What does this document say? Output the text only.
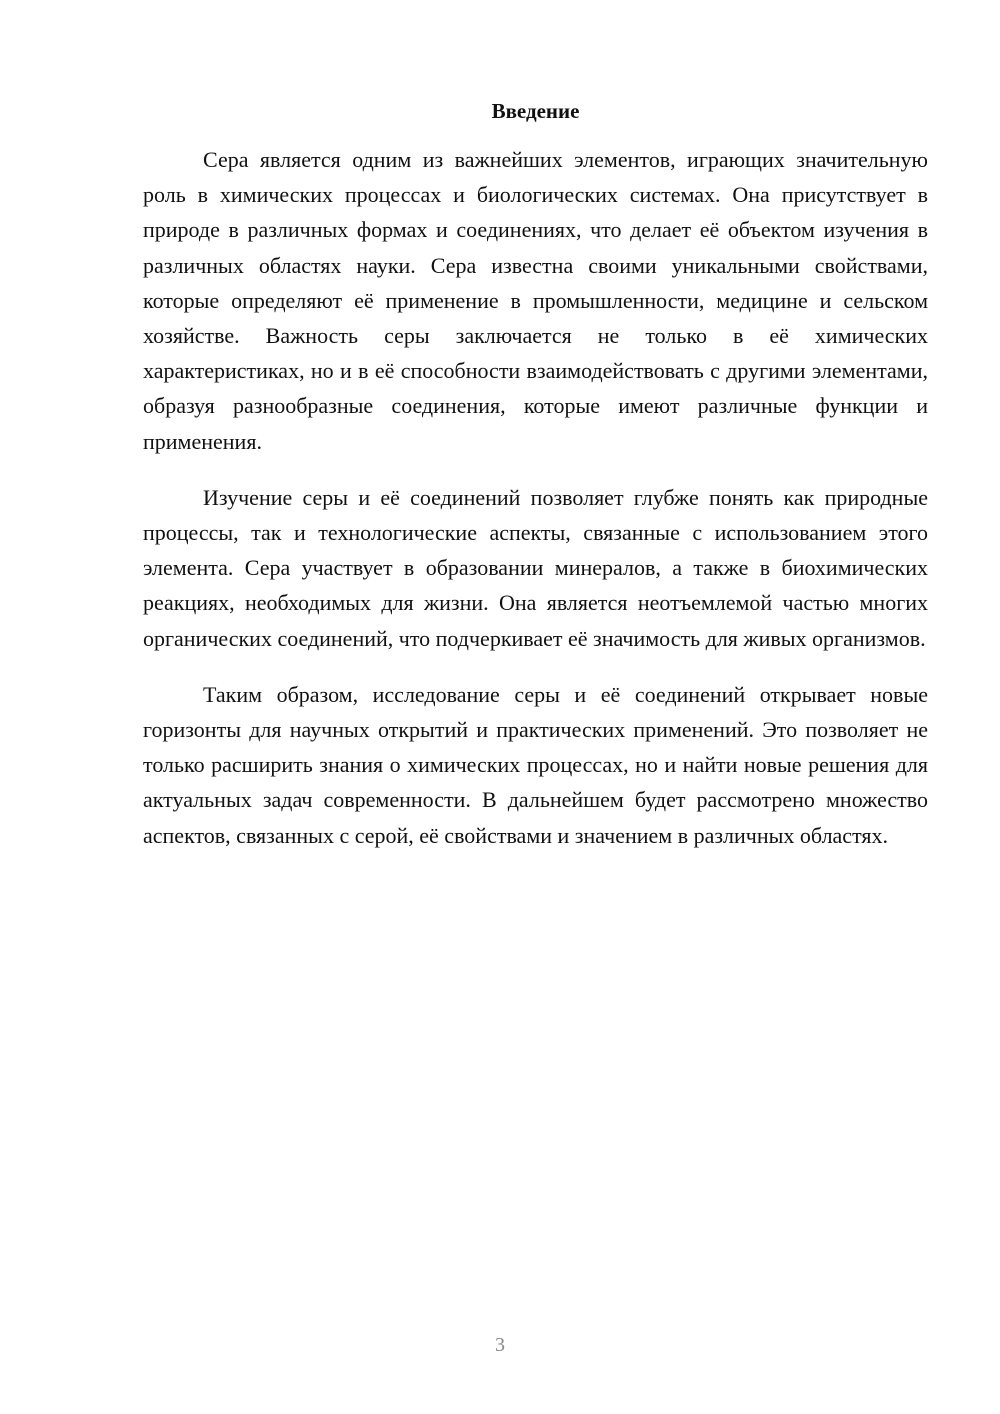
Введение

Сера является одним из важнейших элементов, играющих значительную роль в химических процессах и биологических системах. Она присутствует в природе в различных формах и соединениях, что делает её объектом изучения в различных областях науки. Сера известна своими уникальными свойствами, которые определяют её применение в промышленности, медицине и сельском хозяйстве. Важность серы заключается не только в её химических характеристиках, но и в её способности взаимодействовать с другими элементами, образуя разнообразные соединения, которые имеют различные функции и применения.

Изучение серы и её соединений позволяет глубже понять как природные процессы, так и технологические аспекты, связанные с использованием этого элемента. Сера участвует в образовании минералов, а также в биохимических реакциях, необходимых для жизни. Она является неотъемлемой частью многих органических соединений, что подчеркивает её значимость для живых организмов.

Таким образом, исследование серы и её соединений открывает новые горизонты для научных открытий и практических применений. Это позволяет не только расширить знания о химических процессах, но и найти новые решения для актуальных задач современности. В дальнейшем будет рассмотрено множество аспектов, связанных с серой, её свойствами и значением в различных областях.

3
